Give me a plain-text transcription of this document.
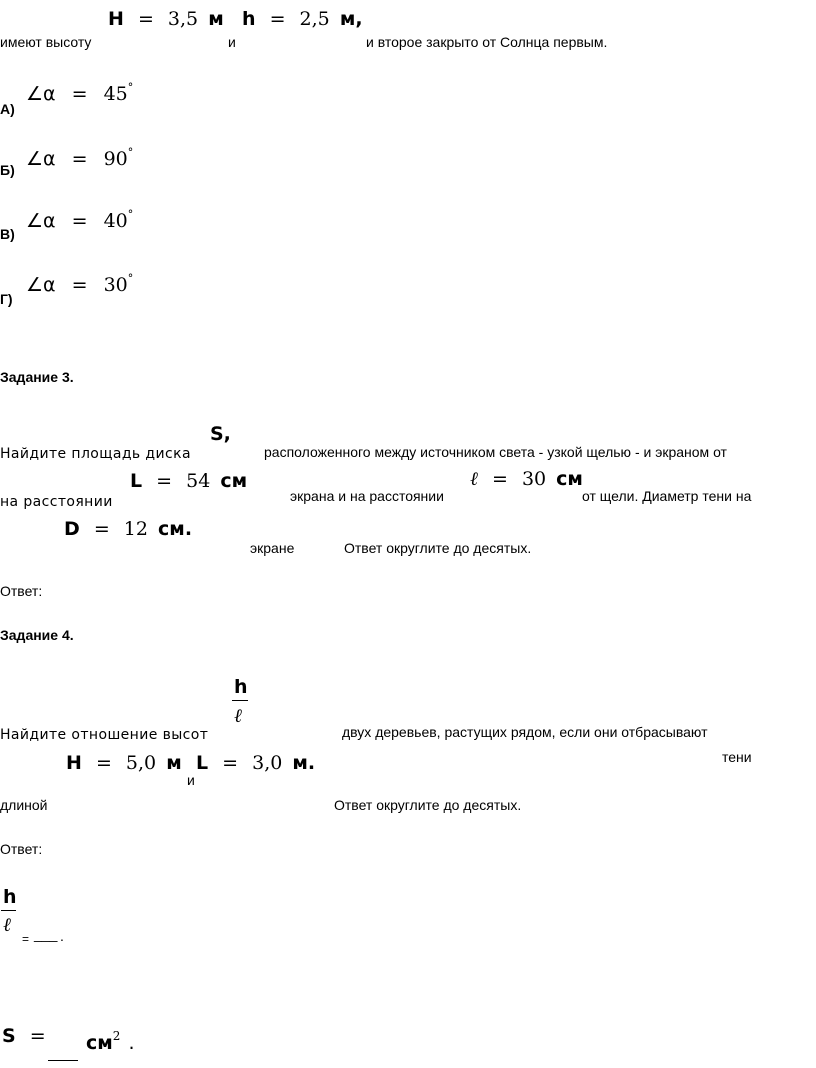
H = 3,5 м h = 2,5 м,
имеют высоту	и	и второе закрыто от Солнца первым.
∠α = 45°
А)
∠α = 90°
Б)
∠α = 40°
В)
∠α = 30°
Г)
Задание 3.
S,
Найдите площадь диска	расположенного между источником света - узкой щелью - и экраном от
L = 54 см	ℓ = 30 см
на расстоянии	экрана и на расстоянии	от щели. Диаметр тени на
D = 12 см.
экране	Ответ округлите до десятых.
Ответ:
Задание 4.
h
ℓ
Найдите отношение высот	двух деревьев, растущих рядом, если они отбрасывают
H = 5,0 м
и
L = 3,0 м.	тени
длиной	Ответ округлите до десятых.
Ответ:
h
ℓ
= ___ .
S =	$см^2$ .
